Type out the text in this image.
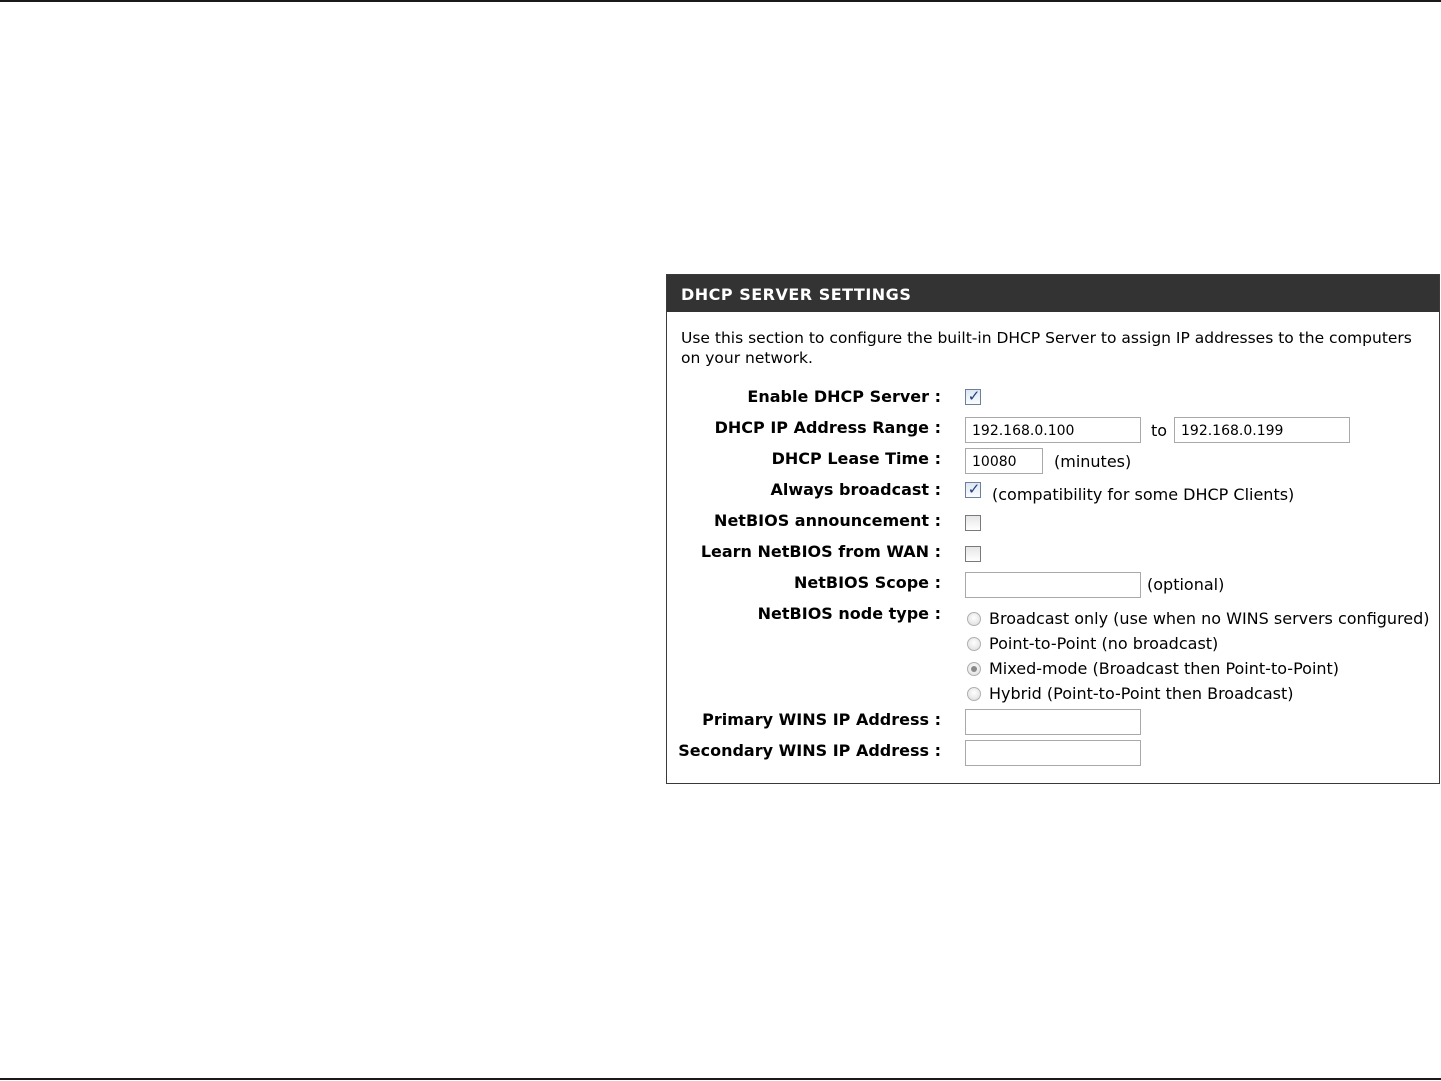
DHCP SERVER SETTINGS
Use this section to configure the built-in DHCP Server to assign IP addresses to the computers on your network.
Enable DHCP Server : ✓
DHCP IP Address Range :	192.168.0.100	to 192.168.0.199
DHCP Lease Time :	10080	(minutes)
Always broadcast : ✓ (compatibility for some DHCP Clients)
NetBIOS announcement :
Learn NetBIOS from WAN :
NetBIOS Scope :	(optional)
NetBIOS node type :	Broadcast only (use when no WINS servers configured)
Point-to-Point (no broadcast)
Mixed-mode (Broadcast then Point-to-Point)
Hybrid (Point-to-Point then Broadcast)
Primary WINS IP Address :
Secondary WINS IP Address :
